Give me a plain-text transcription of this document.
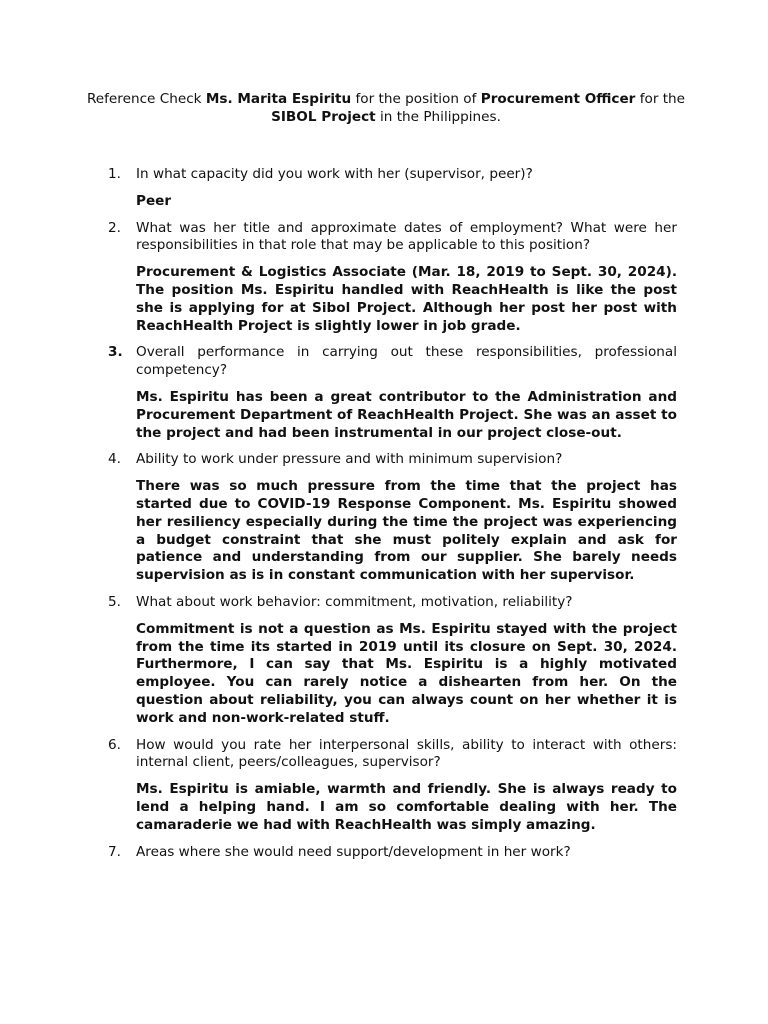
Reference Check Ms. Marita Espiritu for the position of Procurement Officer for the SIBOL Project in the Philippines.
1.	In what capacity did you work with her (supervisor, peer)?
Peer
2.	What was her title and approximate dates of employment? What were her responsibilities in that role that may be applicable to this position?
Procurement & Logistics Associate (Mar. 18, 2019 to Sept. 30, 2024). The position Ms. Espiritu handled with ReachHealth is like the post she is applying for at Sibol Project. Although her post her post with ReachHealth Project is slightly lower in job grade.
3. Overall performance in carrying out these responsibilities, professional competency?
Ms. Espiritu has been a great contributor to the Administration and Procurement Department of ReachHealth Project. She was an asset to the project and had been instrumental in our project close-out.
4.	Ability to work under pressure and with minimum supervision?
There was so much pressure from the time that the project has started due to COVID-19 Response Component. Ms. Espiritu showed her resiliency especially during the time the project was experiencing a budget constraint that she must politely explain and ask for patience and understanding from our supplier. She barely needs supervision as is in constant communication with her supervisor.
5.	What about work behavior: commitment, motivation, reliability?
Commitment is not a question as Ms. Espiritu stayed with the project from the time its started in 2019 until its closure on Sept. 30, 2024. Furthermore, I can say that Ms. Espiritu is a highly motivated employee. You can rarely notice a dishearten from her. On the question about reliability, you can always count on her whether it is work and non-work-related stuff.
6.	How would you rate her interpersonal skills, ability to interact with others: internal client, peers/colleagues, supervisor?
Ms. Espiritu is amiable, warmth and friendly. She is always ready to lend a helping hand. I am so comfortable dealing with her. The camaraderie we had with ReachHealth was simply amazing.
7.	Areas where she would need support/development in her work?
